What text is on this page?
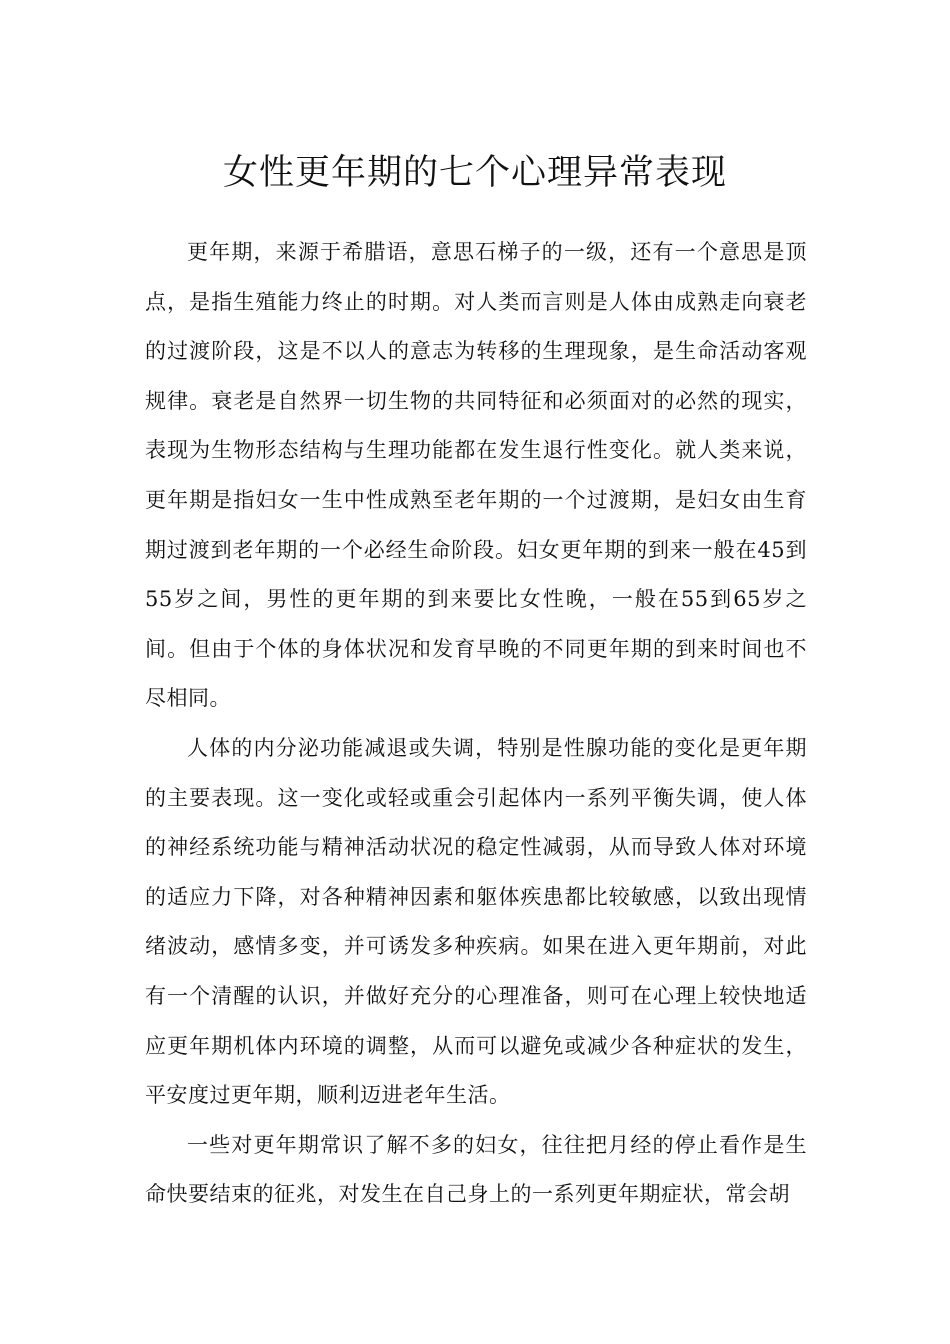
女性更年期的七个心理异常表现

更年期，来源于希腊语，意思石梯子的一级，还有一个意思是顶点，是指生殖能力终止的时期。对人类而言则是人体由成熟走向衰老的过渡阶段，这是不以人的意志为转移的生理现象，是生命活动客观规律。衰老是自然界一切生物的共同特征和必须面对的必然的现实，表现为生物形态结构与生理功能都在发生退行性变化。就人类来说，更年期是指妇女一生中性成熟至老年期的一个过渡期，是妇女由生育期过渡到老年期的一个必经生命阶段。妇女更年期的到来一般在45到55岁之间，男性的更年期的到来要比女性晚，一般在55到65岁之间。但由于个体的身体状况和发育早晚的不同更年期的到来时间也不尽相同。

人体的内分泌功能减退或失调，特别是性腺功能的变化是更年期的主要表现。这一变化或轻或重会引起体内一系列平衡失调，使人体的神经系统功能与精神活动状况的稳定性减弱，从而导致人体对环境的适应力下降，对各种精神因素和躯体疾患都比较敏感，以致出现情绪波动，感情多变，并可诱发多种疾病。如果在进入更年期前，对此有一个清醒的认识，并做好充分的心理准备，则可在心理上较快地适应更年期机体内环境的调整，从而可以避免或减少各种症状的发生，平安度过更年期，顺利迈进老年生活。

一些对更年期常识了解不多的妇女，往往把月经的停止看作是生命快要结束的征兆，对发生在自己身上的一系列更年期症状，常会胡
